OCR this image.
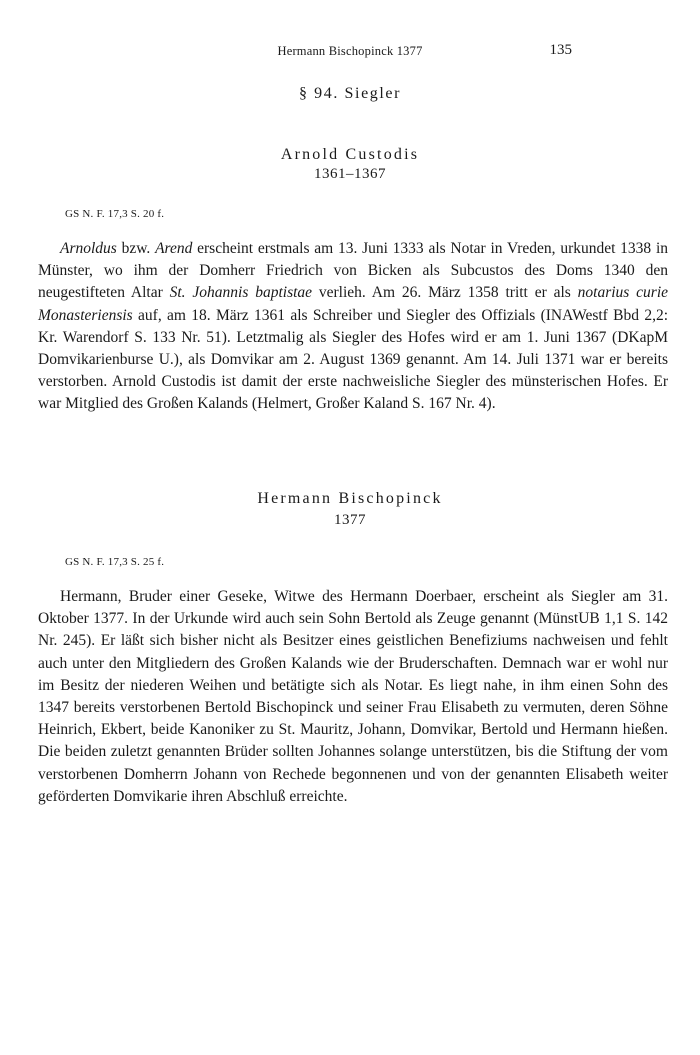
Hermann Bischopinck 1377	135
§ 94. Siegler
Arnold Custodis
1361–1367
GS N. F. 17,3 S. 20 f.

Arnoldus bzw. Arend erscheint erstmals am 13. Juni 1333 als Notar in Vreden, urkundet 1338 in Münster, wo ihm der Domherr Friedrich von Bicken als Subcustos des Doms 1340 den neugestifteten Altar St. Johannis baptistae verlieh. Am 26. März 1358 tritt er als notarius curie Monasteriensis auf, am 18. März 1361 als Schreiber und Siegler des Offizials (INAWestf Bbd 2,2: Kr. Warendorf S. 133 Nr. 51). Letztmalig als Siegler des Hofes wird er am 1. Juni 1367 (DKapM Domvikarienburse U.), als Domvikar am 2. August 1369 genannt. Am 14. Juli 1371 war er bereits verstorben. Arnold Custodis ist damit der erste nachweisliche Siegler des münsterischen Hofes. Er war Mitglied des Großen Kalands (Helmert, Großer Kaland S. 167 Nr. 4).

Hermann Bischopinck
1377
GS N. F. 17,3 S. 25 f.

Hermann, Bruder einer Geseke, Witwe des Hermann Doerbaer, erscheint als Siegler am 31. Oktober 1377. In der Urkunde wird auch sein Sohn Bertold als Zeuge genannt (MünstUB 1,1 S. 142 Nr. 245). Er läßt sich bisher nicht als Besitzer eines geistlichen Benefiziums nachweisen und fehlt auch unter den Mitgliedern des Großen Kalands wie der Bruderschaften. Demnach war er wohl nur im Besitz der niederen Weihen und betätigte sich als Notar. Es liegt nahe, in ihm einen Sohn des 1347 bereits verstorbenen Bertold Bischopinck und seiner Frau Elisabeth zu vermuten, deren Söhne Heinrich, Ekbert, beide Kanoniker zu St. Mauritz, Johann, Domvikar, Bertold und Hermann hießen. Die beiden zuletzt genannten Brüder sollten Johannes solange unterstützen, bis die Stiftung der vom verstorbenen Domherrn Johann von Rechede begonnenen und von der genannten Elisabeth weiter geförderten Domvikarie ihren Abschluß erreichte.
